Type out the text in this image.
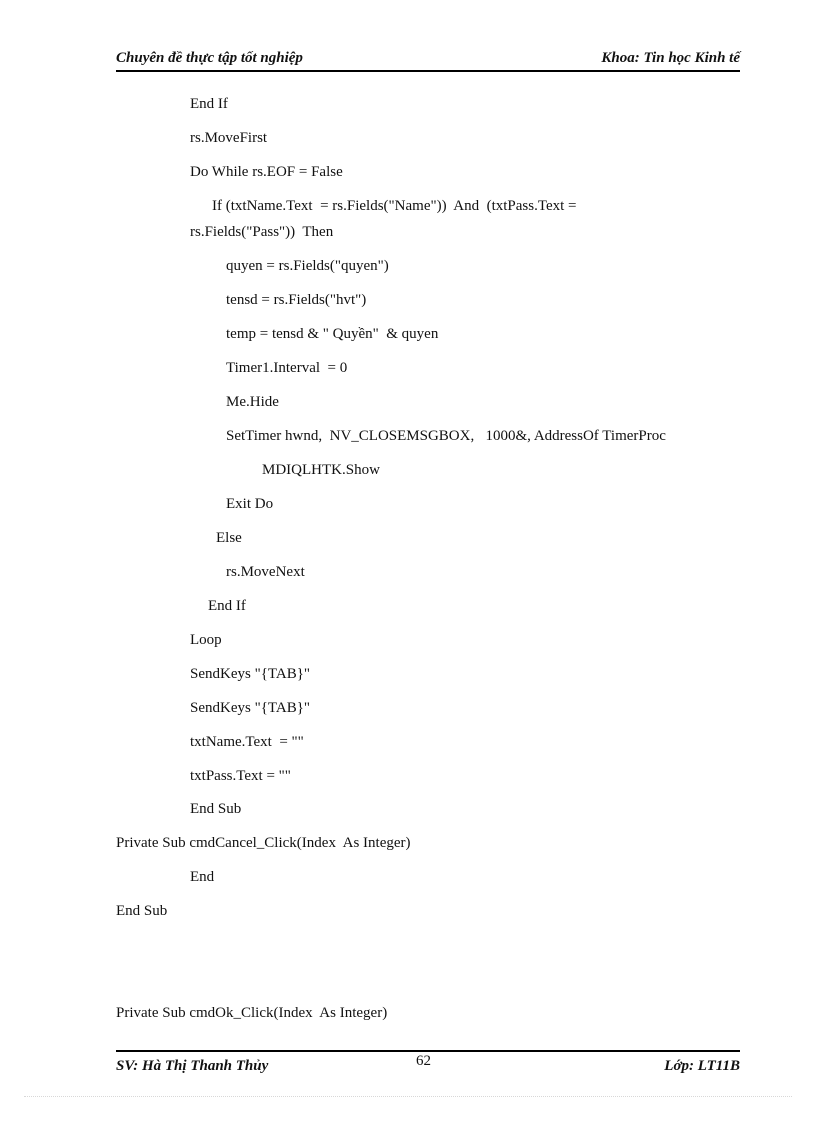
Chuyên đề thực tập tốt nghiệp	Khoa: Tin học Kinh tế
End If
rs.MoveFirst
Do While rs.EOF = False
If (txtName.Text  = rs.Fields("Name"))  And  (txtPass.Text =
rs.Fields("Pass"))  Then
quyen = rs.Fields("quyen")
tensd = rs.Fields("hvt")
temp = tensd & " Quyền"  & quyen
Timer1.Interval  = 0
Me.Hide
SetTimer hwnd,  NV_CLOSEMSGBOX,   1000&, AddressOf TimerProc
MDIQLHTK.Show
Exit Do
Else
rs.MoveNext
End If
Loop
SendKeys "{TAB}"
SendKeys "{TAB}"
txtName.Text  = ""
txtPass.Text = ""
End Sub
Private Sub cmdCancel_Click(Index  As Integer)
End
End Sub
Private Sub cmdOk_Click(Index  As Integer)
SV: Hà Thị Thanh Thủy	62	Lớp: LT11B
